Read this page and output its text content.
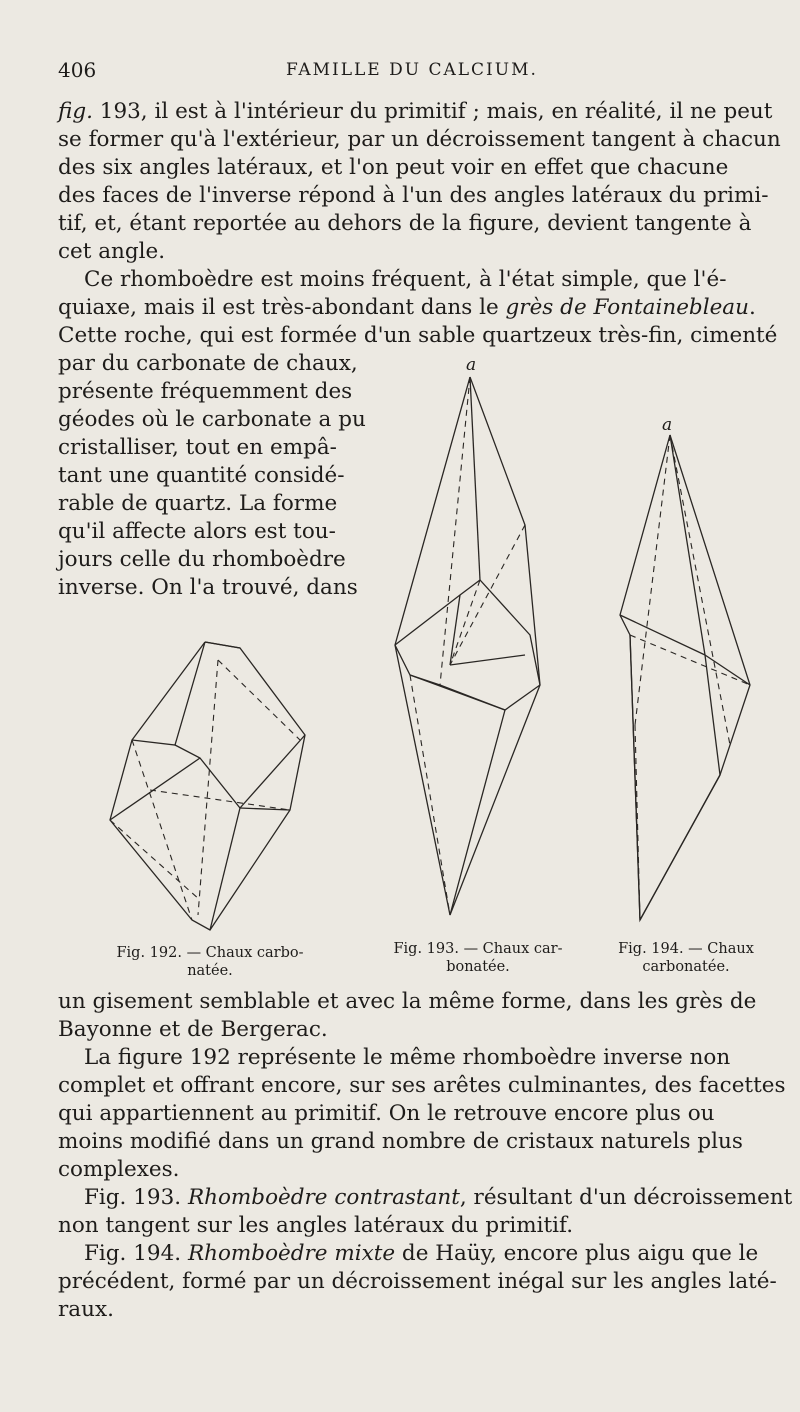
406	FAMILLE DU CALCIUM.
fig. 193, il est à l'intérieur du primitif ; mais, en réalité, il ne peut
se former qu'à l'extérieur, par un décroissement tangent à chacun
des six angles latéraux, et l'on peut voir en effet que chacune
des faces de l'inverse répond à l'un des angles latéraux du primi-
tif, et, étant reportée au dehors de la figure, devient tangente à
cet angle.
Ce rhomboèdre est moins fréquent, à l'état simple, que l'é-
quiaxe, mais il est très-abondant dans le grès de Fontainebleau.
Cette roche, qui est formée d'un sable quartzeux très-fin, cimenté
par du carbonate de chaux,
présente fréquemment des
géodes où le carbonate a pu
cristalliser, tout en empâ-
tant une quantité considé-
rable de quartz. La forme
qu'il affecte alors est tou-
jours celle du rhomboèdre
inverse. On l'a trouvé, dans
a
a
Fig. 192. — Chaux carbo-
natée.
Fig. 193. — Chaux car-
bonatée.
Fig. 194. — Chaux
carbonatée.
un gisement semblable et avec la même forme, dans les grès de
Bayonne et de Bergerac.
La figure 192 représente le même rhomboèdre inverse non
complet et offrant encore, sur ses arêtes culminantes, des facettes
qui appartiennent au primitif. On le retrouve encore plus ou
moins modifié dans un grand nombre de cristaux naturels plus
complexes.
Fig. 193. Rhomboèdre contrastant, résultant d'un décroissement
non tangent sur les angles latéraux du primitif.
Fig. 194. Rhomboèdre mixte de Haüy, encore plus aigu que le
précédent, formé par un décroissement inégal sur les angles laté-
raux.
